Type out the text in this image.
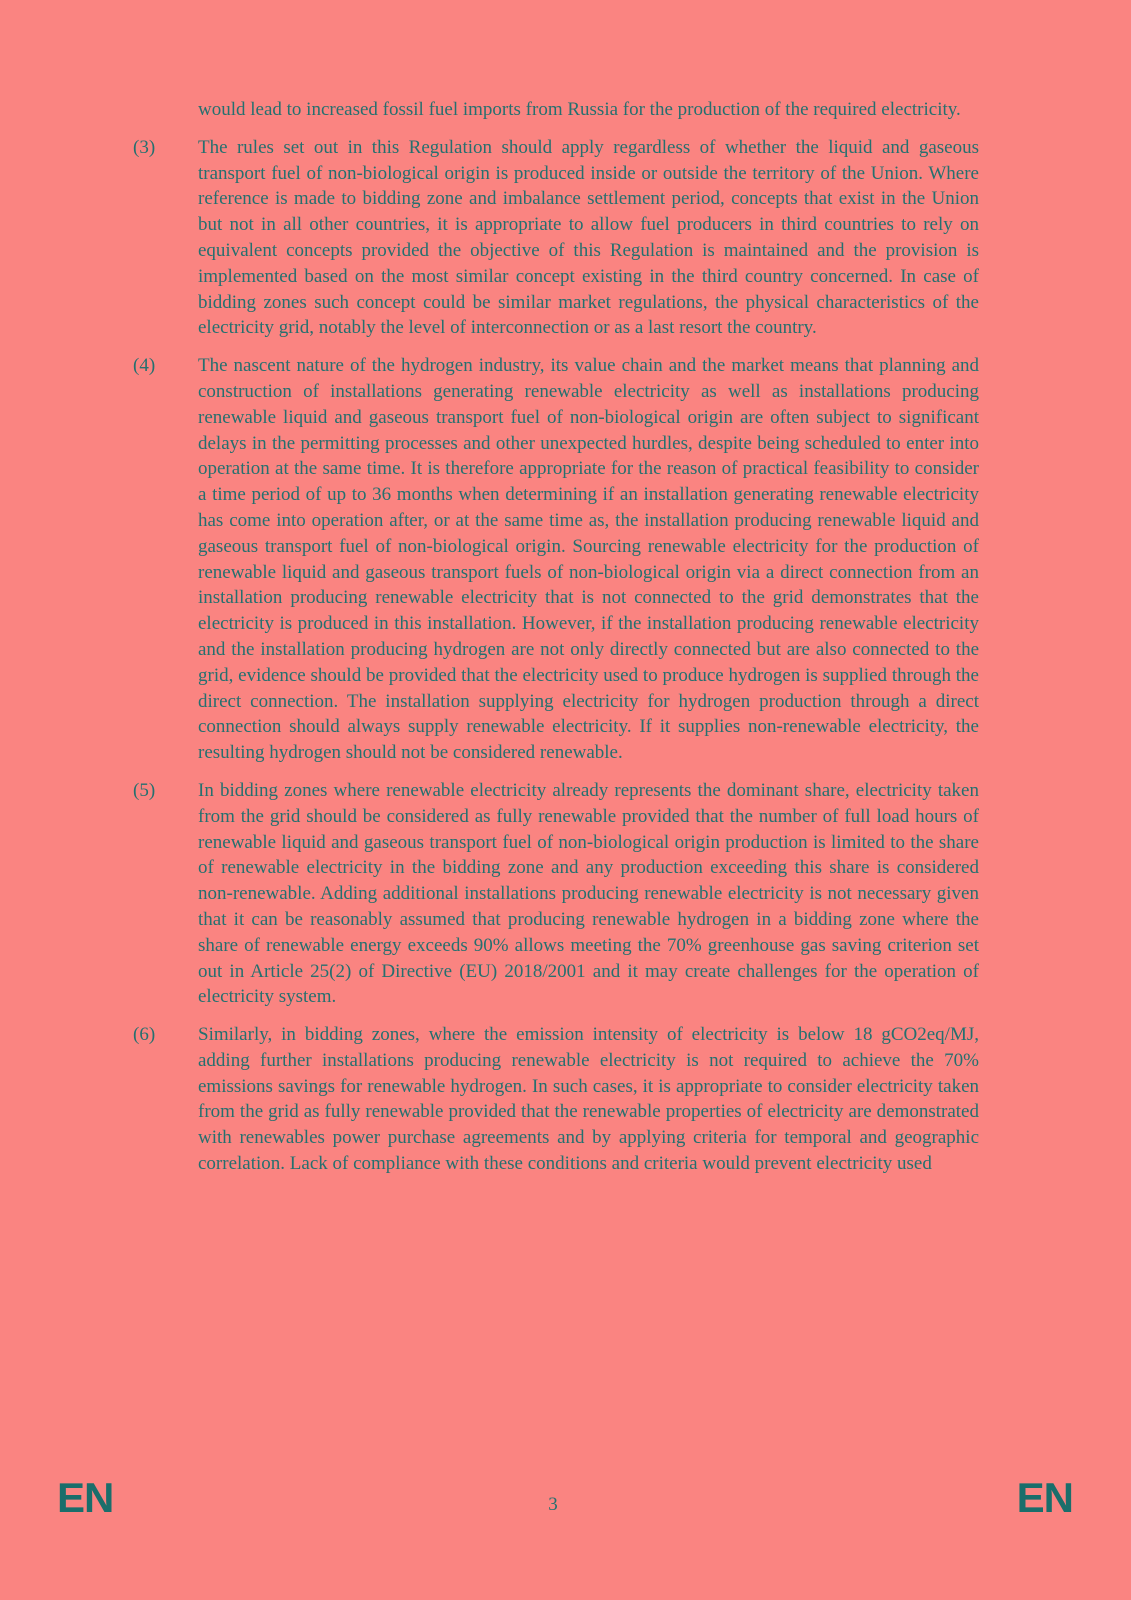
would lead to increased fossil fuel imports from Russia for the production of the required electricity.

(3)	The rules set out in this Regulation should apply regardless of whether the liquid and gaseous transport fuel of non-biological origin is produced inside or outside the territory of the Union. Where reference is made to bidding zone and imbalance settlement period, concepts that exist in the Union but not in all other countries, it is appropriate to allow fuel producers in third countries to rely on equivalent concepts provided the objective of this Regulation is maintained and the provision is implemented based on the most similar concept existing in the third country concerned. In case of bidding zones such concept could be similar market regulations, the physical characteristics of the electricity grid, notably the level of interconnection or as a last resort the country.

(4)	The nascent nature of the hydrogen industry, its value chain and the market means that planning and construction of installations generating renewable electricity as well as installations producing renewable liquid and gaseous transport fuel of non-biological origin are often subject to significant delays in the permitting processes and other unexpected hurdles, despite being scheduled to enter into operation at the same time. It is therefore appropriate for the reason of practical feasibility to consider a time period of up to 36 months when determining if an installation generating renewable electricity has come into operation after, or at the same time as, the installation producing renewable liquid and gaseous transport fuel of non-biological origin. Sourcing renewable electricity for the production of renewable liquid and gaseous transport fuels of non-biological origin via a direct connection from an installation producing renewable electricity that is not connected to the grid demonstrates that the electricity is produced in this installation. However, if the installation producing renewable electricity and the installation producing hydrogen are not only directly connected but are also connected to the grid, evidence should be provided that the electricity used to produce hydrogen is supplied through the direct connection. The installation supplying electricity for hydrogen production through a direct connection should always supply renewable electricity. If it supplies non-renewable electricity, the resulting hydrogen should not be considered renewable.

(5)	In bidding zones where renewable electricity already represents the dominant share, electricity taken from the grid should be considered as fully renewable provided that the number of full load hours of renewable liquid and gaseous transport fuel of non-biological origin production is limited to the share of renewable electricity in the bidding zone and any production exceeding this share is considered non-renewable. Adding additional installations producing renewable electricity is not necessary given that it can be reasonably assumed that producing renewable hydrogen in a bidding zone where the share of renewable energy exceeds 90% allows meeting the 70% greenhouse gas saving criterion set out in Article 25(2) of Directive (EU) 2018/2001 and it may create challenges for the operation of electricity system.

(6)	Similarly, in bidding zones, where the emission intensity of electricity is below 18 gCO2eq/MJ, adding further installations producing renewable electricity is not required to achieve the 70% emissions savings for renewable hydrogen. In such cases, it is appropriate to consider electricity taken from the grid as fully renewable provided that the renewable properties of electricity are demonstrated with renewables power purchase agreements and by applying criteria for temporal and geographic correlation. Lack of compliance with these conditions and criteria would prevent electricity used

EN	3	EN
